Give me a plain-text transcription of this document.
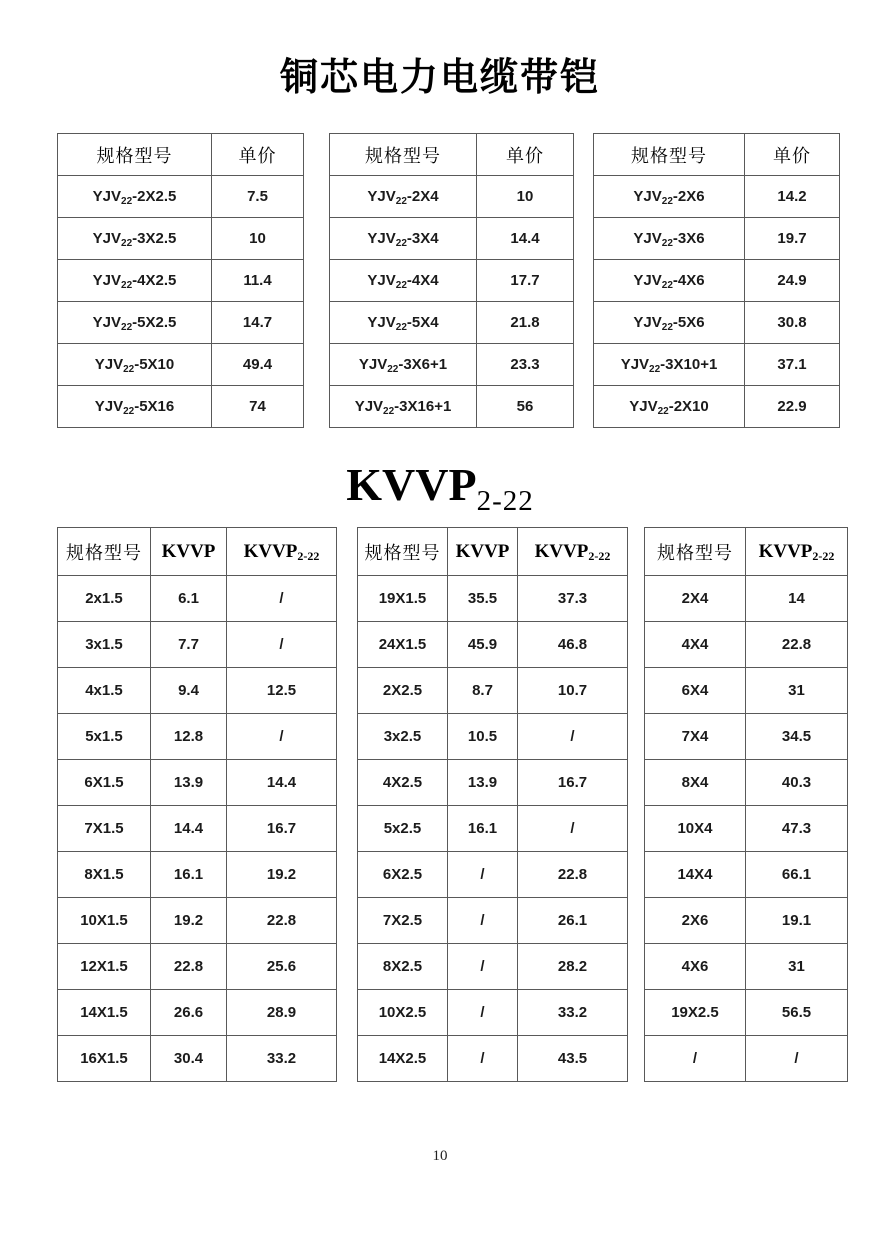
铜芯电力电缆带铠
规格型号	单价
$YJV_{22}-2X2.5$	7.5
$YJV_{22}-3X2.5$	10
$YJV_{22}-4X2.5$	11.4
$YJV_{22}-5X2.5$	14.7
$YJV_{22}-5X10$	49.4
$YJV_{22}-5X16$	74
规格型号	单价
$YJV_{22}-2X4$	10
$YJV_{22}-3X4$	14.4
$YJV_{22}-4X4$	17.7
$YJV_{22}-5X4$	21.8
$YJV_{22}-3X6+1$	23.3
$YJV_{22}-3X16+1$	56
规格型号	单价
$YJV_{22}-2X6$	14.2
$YJV_{22}-3X6$	19.7
$YJV_{22}-4X6$	24.9
$YJV_{22}-5X6$	30.8
$YJV_{22}-3X10+1$	37.1
$YJV_{22}-2X10$	22.9
$KVVP_{2-22}$
规格型号	KVVP	$KVVP_{2-22}$
2x1.5	6.1	/
3x1.5	7.7	/
4x1.5	9.4	12.5
5x1.5	12.8	/
6X1.5	13.9	14.4
7X1.5	14.4	16.7
8X1.5	16.1	19.2
10X1.5	19.2	22.8
12X1.5	22.8	25.6
14X1.5	26.6	28.9
16X1.5	30.4	33.2
规格型号	KVVP	$KVVP_{2-22}$
19X1.5	35.5	37.3
24X1.5	45.9	46.8
2X2.5	8.7	10.7
3x2.5	10.5	/
4X2.5	13.9	16.7
5x2.5	16.1	/
6X2.5	/	22.8
7X2.5	/	26.1
8X2.5	/	28.2
10X2.5	/	33.2
14X2.5	/	43.5
规格型号	$KVVP_{2-22}$
2X4	14
4X4	22.8
6X4	31
7X4	34.5
8X4	40.3
10X4	47.3
14X4	66.1
2X6	19.1
4X6	31
19X2.5	56.5
/	/
10
